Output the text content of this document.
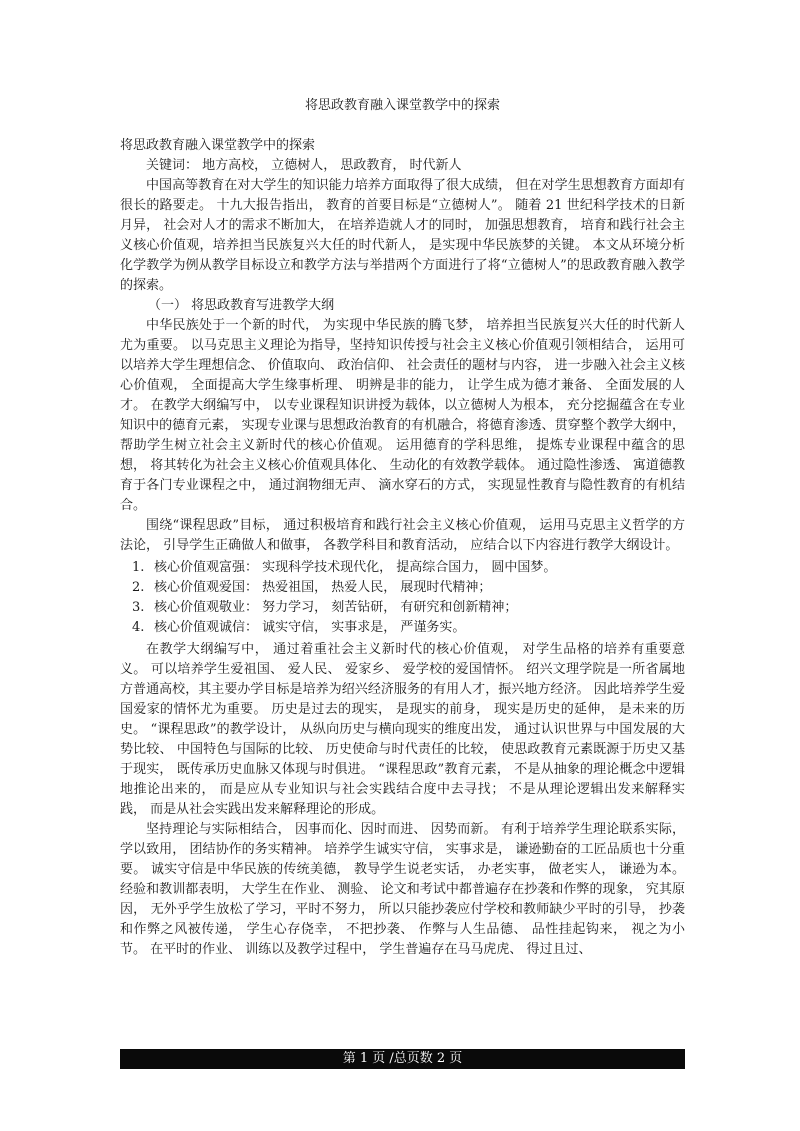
将思政教育融入课堂教学中的探索
将思政教育融入课堂教学中的探索
关键词： 地方高校， 立德树人， 思政教育， 时代新人

中国高等教育在对大学生的知识能力培养方面取得了很大成绩， 但在对学生思想教育方面却有很长的路要走。 十九大报告指出， 教育的首要目标是“立德树人”。 随着 21 世纪科学技术的日新月异， 社会对人才的需求不断加大， 在培养造就人才的同时， 加强思想教育， 培育和践行社会主义核心价值观，培养担当民族复兴大任的时代新人， 是实现中华民族梦的关键。 本文从环境分析化学教学为例从教学目标设立和教学方法与举措两个方面进行了将“立德树人”的思政教育融入教学的探索。

（一） 将思政教育写进教学大纲

中华民族处于一个新的时代， 为实现中华民族的腾飞梦， 培养担当民族复兴大任的时代新人尤为重要。 以马克思主义理论为指导，坚持知识传授与社会主义核心价值观引领相结合， 运用可以培养大学生理想信念、 价值取向、 政治信仰、 社会责任的题材与内容， 进一步融入社会主义核心价值观， 全面提高大学生缘事析理、 明辨是非的能力， 让学生成为德才兼备、 全面发展的人才。 在教学大纲编写中， 以专业课程知识讲授为载体，以立德树人为根本， 充分挖掘蕴含在专业知识中的德育元素， 实现专业课与思想政治教育的有机融合，将德育渗透、贯穿整个教学大纲中， 帮助学生树立社会主义新时代的核心价值观。 运用德育的学科思维， 提炼专业课程中蕴含的思想， 将其转化为社会主义核心价值观具体化、 生动化的有效教学载体。 通过隐性渗透、 寓道德教育于各门专业课程之中， 通过润物细无声、 滴水穿石的方式， 实现显性教育与隐性教育的有机结合。

围绕“课程思政”目标， 通过积极培育和践行社会主义核心价值观， 运用马克思主义哲学的方法论， 引导学生正确做人和做事， 各教学科目和教育活动， 应结合以下内容进行教学大纲设计。

1. 核心价值观富强： 实现科学技术现代化， 提高综合国力， 圆中国梦。
2. 核心价值观爱国： 热爱祖国， 热爱人民， 展现时代精神；
3. 核心价值观敬业： 努力学习， 刻苦钻研， 有研究和创新精神；
4. 核心价值观诚信： 诚实守信， 实事求是， 严谨务实。

在教学大纲编写中， 通过着重社会主义新时代的核心价值观， 对学生品格的培养有重要意义。 可以培养学生爱祖国、 爱人民、 爱家乡、 爱学校的爱国情怀。 绍兴文理学院是一所省属地方普通高校，其主要办学目标是培养为绍兴经济服务的有用人才，振兴地方经济。 因此培养学生爱国爱家的情怀尤为重要。 历史是过去的现实， 是现实的前身， 现实是历史的延伸， 是未来的历史。 “课程思政”的教学设计， 从纵向历史与横向现实的维度出发， 通过认识世界与中国发展的大势比较、 中国特色与国际的比较、 历史使命与时代责任的比较， 使思政教育元素既源于历史又基于现实， 既传承历史血脉又体现与时俱进。 “课程思政”教育元素， 不是从抽象的理论概念中逻辑地推论出来的， 而是应从专业知识与社会实践结合度中去寻找； 不是从理论逻辑出发来解释实践， 而是从社会实践出发来解释理论的形成。

坚持理论与实际相结合， 因事而化、因时而进、 因势而新。 有利于培养学生理论联系实际，学以致用， 团结协作的务实精神。 培养学生诚实守信， 实事求是， 谦逊勤奋的工匠品质也十分重要。 诚实守信是中华民族的传统美德， 教导学生说老实话， 办老实事， 做老实人， 谦逊为本。 经验和教训都表明， 大学生在作业、 测验、 论文和考试中都普遍存在抄袭和作弊的现象， 究其原因， 无外乎学生放松了学习，平时不努力， 所以只能抄袭应付学校和教师缺少平时的引导， 抄袭和作弊之风被传递， 学生心存侥幸， 不把抄袭、 作弊与人生品德、 品性挂起钩来， 视之为小节。 在平时的作业、 训练以及教学过程中， 学生普遍存在马马虎虎、 得过且过、

第 1 页 /总页数 2 页
